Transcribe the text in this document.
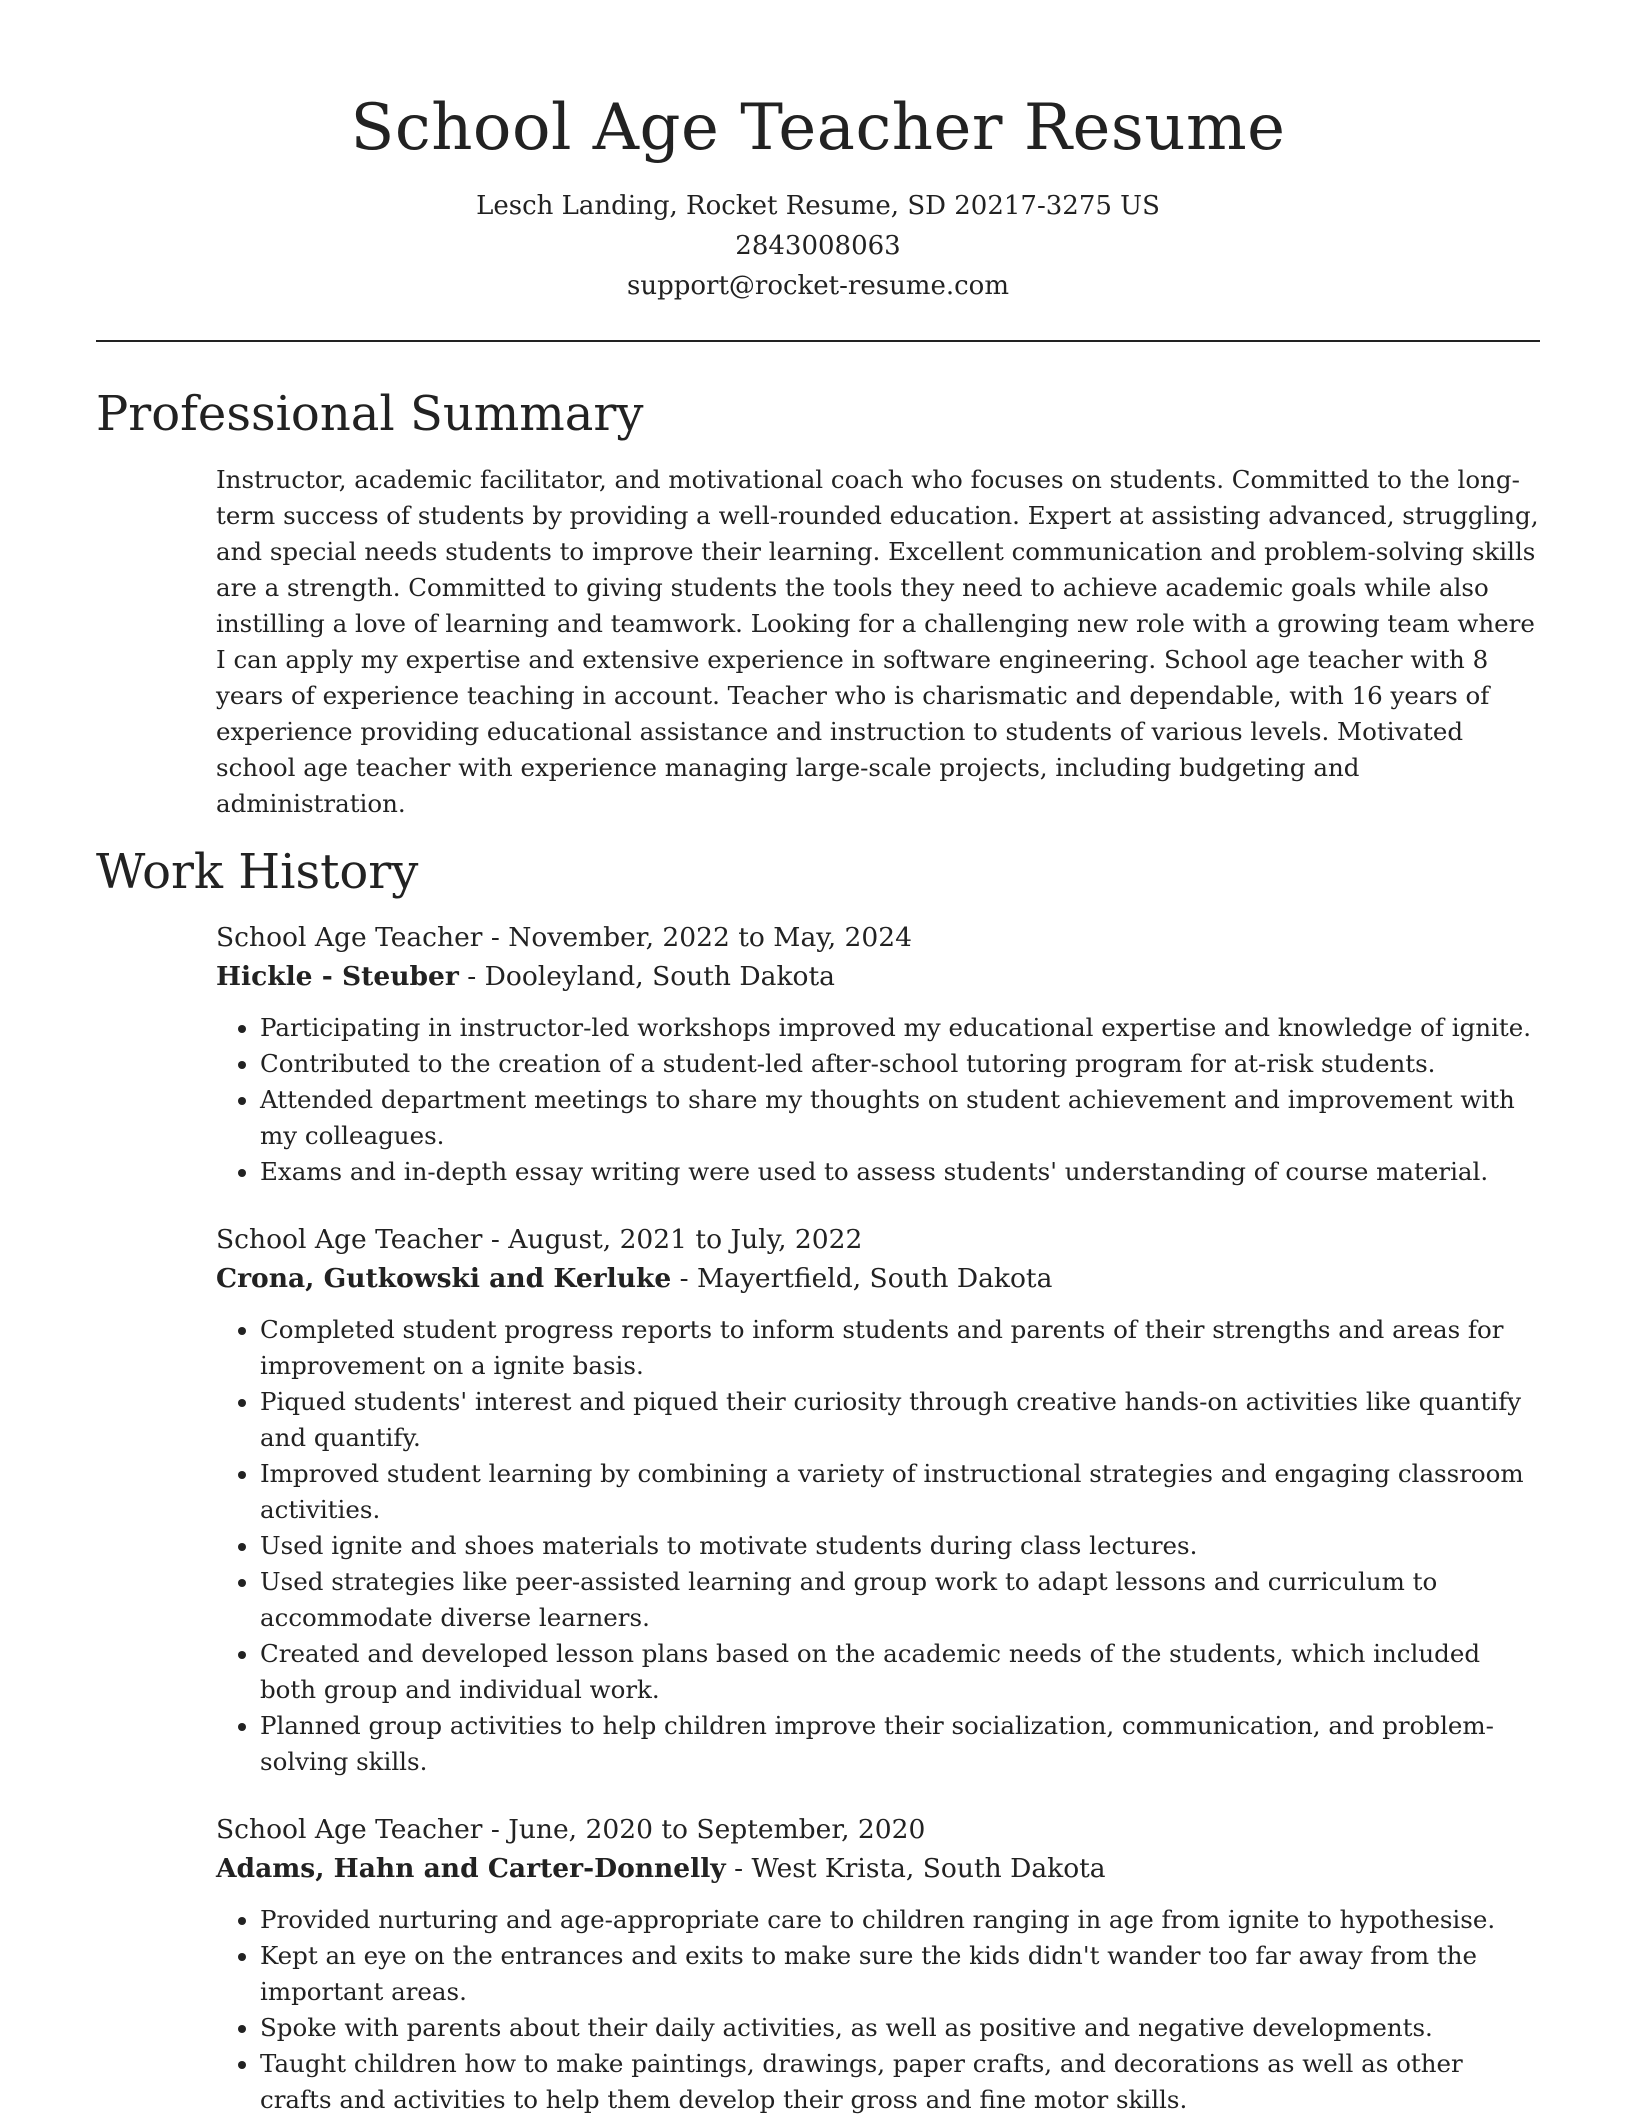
School Age Teacher Resume
Lesch Landing, Rocket Resume, SD 20217-3275 US
2843008063
support@rocket-resume.com
Professional Summary

Instructor, academic facilitator, and motivational coach who focuses on students. Committed to the long-term success of students by providing a well-rounded education. Expert at assisting advanced, struggling, and special needs students to improve their learning. Excellent communication and problem-solving skills are a strength. Committed to giving students the tools they need to achieve academic goals while also instilling a love of learning and teamwork. Looking for a challenging new role with a growing team where I can apply my expertise and extensive experience in software engineering. School age teacher with 8 years of experience teaching in account. Teacher who is charismatic and dependable, with 16 years of experience providing educational assistance and instruction to students of various levels. Motivated school age teacher with experience managing large-scale projects, including budgeting and administration.

Work History
School Age Teacher - November, 2022 to May, 2024
Hickle - Steuber - Dooleyland, South Dakota
• Participating in instructor-led workshops improved my educational expertise and knowledge of ignite.
• Contributed to the creation of a student-led after-school tutoring program for at-risk students.
• Attended department meetings to share my thoughts on student achievement and improvement with my colleagues.
• Exams and in-depth essay writing were used to assess students' understanding of course material.
School Age Teacher - August, 2021 to July, 2022
Crona, Gutkowski and Kerluke - Mayertfield, South Dakota
• Completed student progress reports to inform students and parents of their strengths and areas for improvement on a ignite basis.
• Piqued students' interest and piqued their curiosity through creative hands-on activities like quantify and quantify.
• Improved student learning by combining a variety of instructional strategies and engaging classroom activities.
• Used ignite and shoes materials to motivate students during class lectures.
• Used strategies like peer-assisted learning and group work to adapt lessons and curriculum to accommodate diverse learners.
• Created and developed lesson plans based on the academic needs of the students, which included both group and individual work.
• Planned group activities to help children improve their socialization, communication, and problem-solving skills.
School Age Teacher - June, 2020 to September, 2020
Adams, Hahn and Carter-Donnelly - West Krista, South Dakota
• Provided nurturing and age-appropriate care to children ranging in age from ignite to hypothesise.
• Kept an eye on the entrances and exits to make sure the kids didn't wander too far away from the important areas.
• Spoke with parents about their daily activities, as well as positive and negative developments.
• Taught children how to make paintings, drawings, paper crafts, and decorations as well as other crafts and activities to help them develop their gross and fine motor skills.
